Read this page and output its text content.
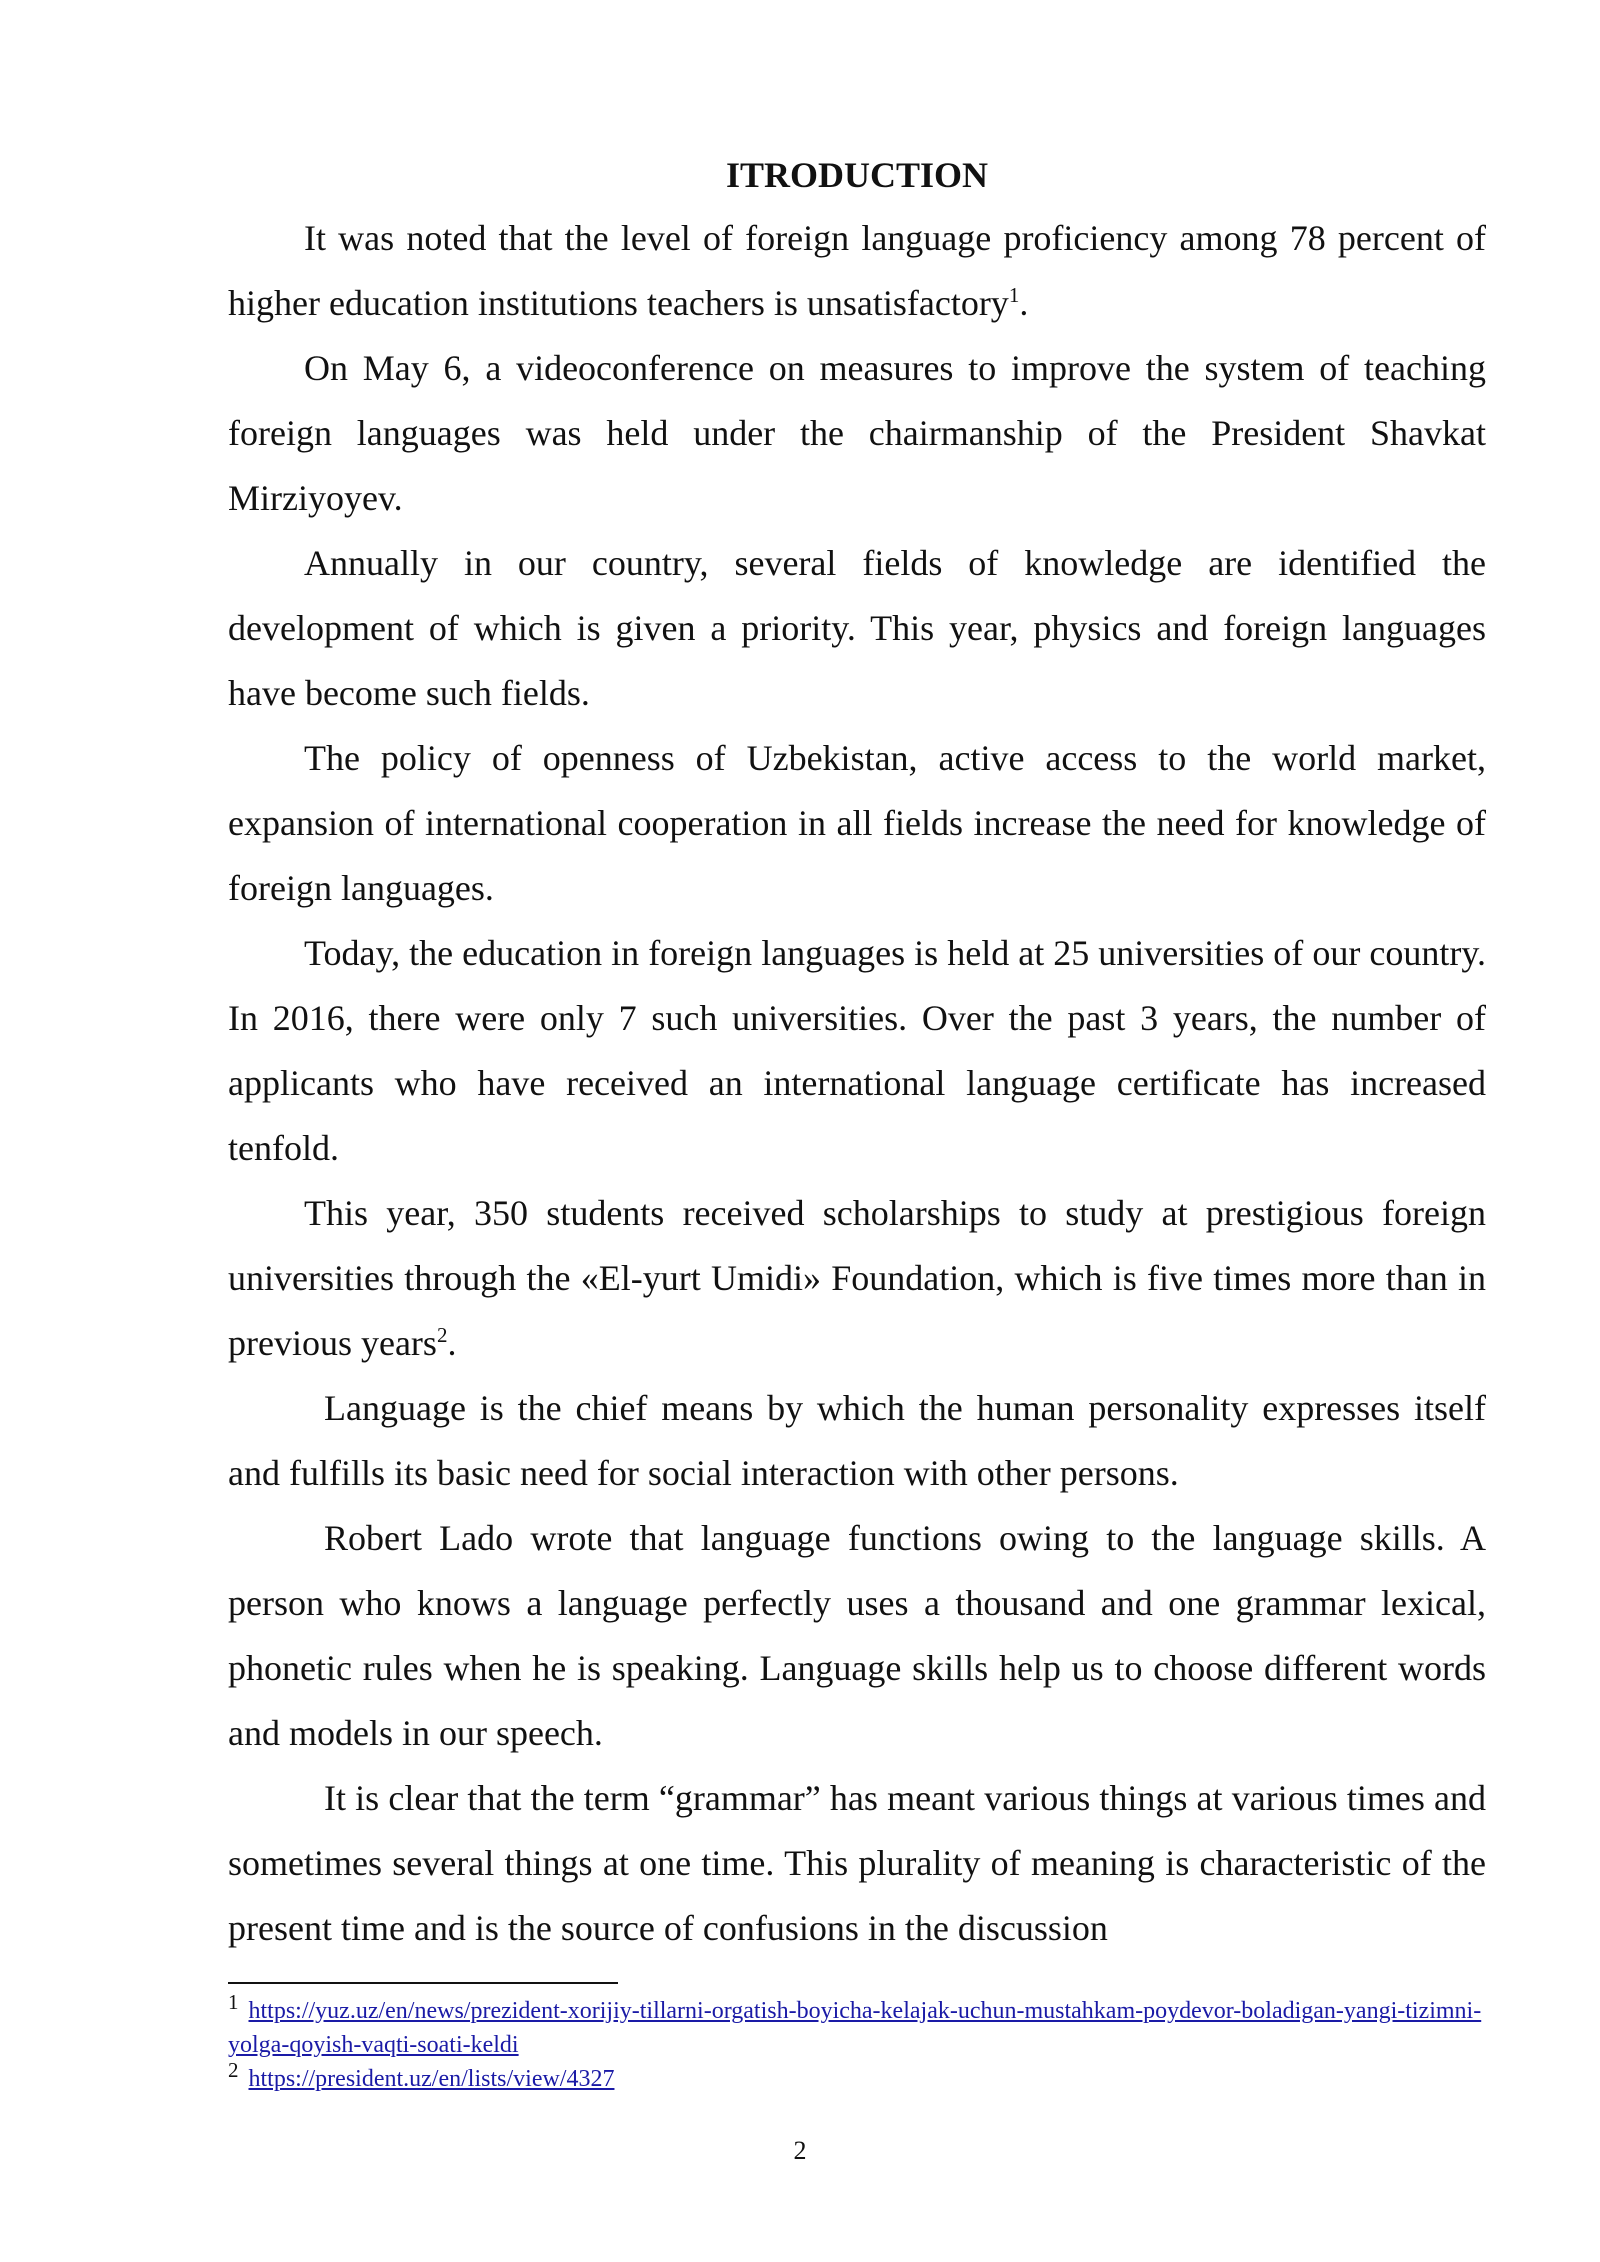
ITRODUCTION

It was noted that the level of foreign language proficiency among 78 percent of higher education institutions teachers is unsatisfactory$^1$.

On May 6, a videoconference on measures to improve the system of teaching foreign languages was held under the chairmanship of the President Shavkat Mirziyoyev.

Annually in our country, several fields of knowledge are identified the development of which is given a priority. This year, physics and foreign languages have become such fields.

The policy of openness of Uzbekistan, active access to the world market, expansion of international cooperation in all fields increase the need for knowledge of foreign languages.

Today, the education in foreign languages is held at 25 universities of our country. In 2016, there were only 7 such universities. Over the past 3 years, the number of applicants who have received an international language certificate has increased tenfold.

This year, 350 students received scholarships to study at prestigious foreign universities through the «El-yurt Umidi» Foundation, which is five times more than in previous years$^2$.

Language is the chief means by which the human personality expresses itself and fulfills its basic need for social interaction with other persons.

Robert Lado wrote that language functions owing to the language skills. A person who knows a language perfectly uses a thousand and one grammar lexical, phonetic rules when he is speaking. Language skills help us to choose different words and models in our speech.

It is clear that the term “grammar” has meant various things at various times and sometimes several things at one time. This plurality of meaning is characteristic of the present time and is the source of confusions in the discussion

1 https://yuz.uz/en/news/prezident-xorijiy-tillarni-orgatish-boyicha-kelajak-uchun-mustahkam-poydevor-boladigan-yangi-tizimni-yolga-qoyish-vaqti-soati-keldi

2 https://president.uz/en/lists/view/4327

2
